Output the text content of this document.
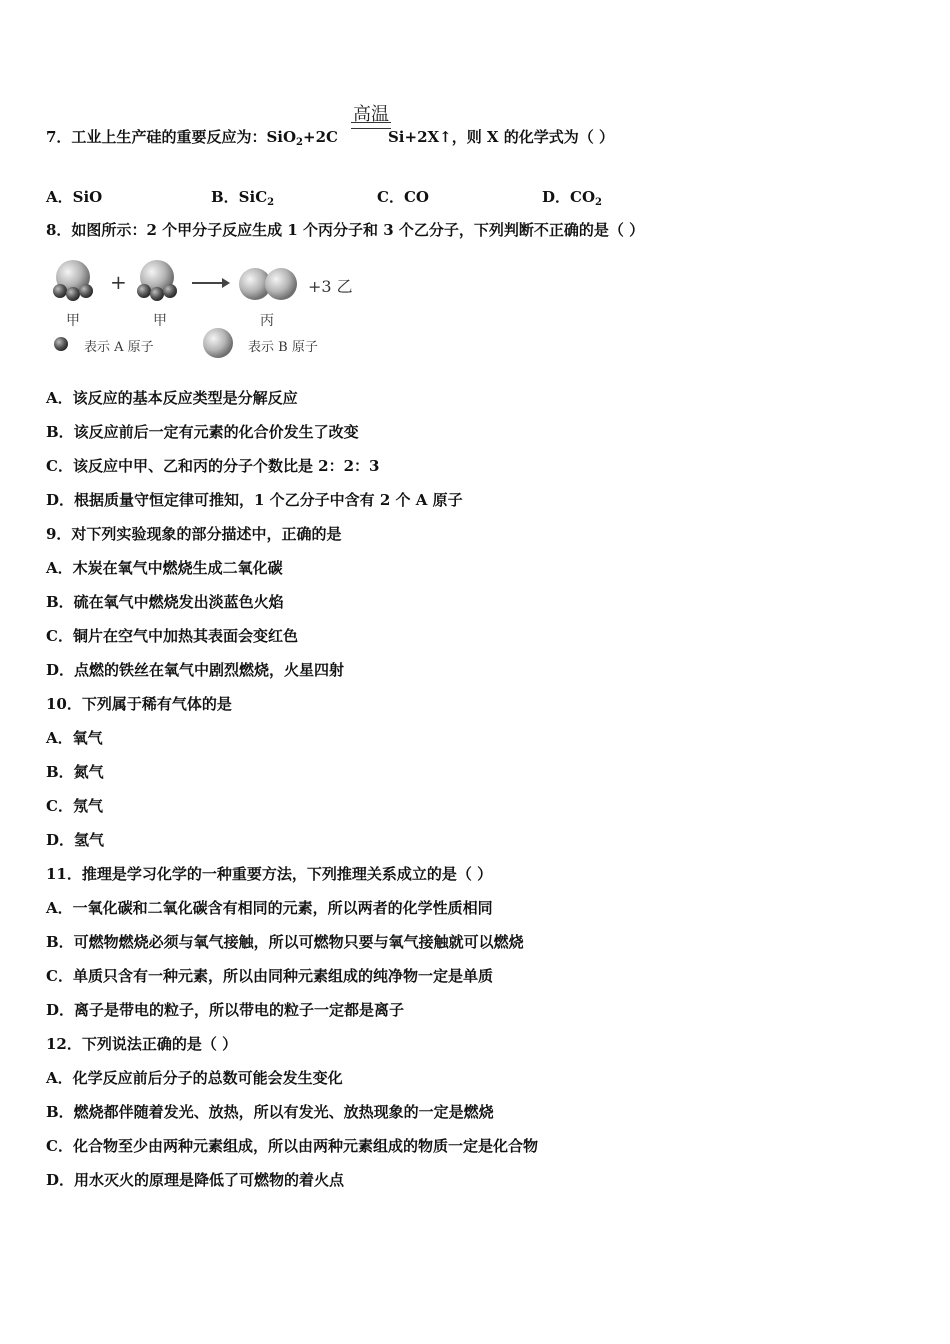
高温
7．工业上生产硅的重要反应为：SiO$_2$+2C	Si+2X↑，则 X 的化学式为（ ）
A．SiO	B．SiC$_2$	C．CO	D．$CO_2$
8．如图所示：2 个甲分子反应生成 1 个丙分子和 3 个乙分子，下列判断不正确的是（ ）
+	+3 乙
甲	甲	丙
表示 A 原子	表示 B 原子
A．该反应的基本反应类型是分解反应
B．该反应前后一定有元素的化合价发生了改变
C．该反应中甲、乙和丙的分子个数比是 2：2：3
D．根据质量守恒定律可推知，1 个乙分子中含有 2 个 A 原子
9．对下列实验现象的部分描述中，正确的是
A．木炭在氧气中燃烧生成二氧化碳
B．硫在氧气中燃烧发出淡蓝色火焰
C．铜片在空气中加热其表面会变红色
D．点燃的铁丝在氧气中剧烈燃烧，火星四射
10．下列属于稀有气体的是
A．氧气
B．氮气
C．氖气
D．氢气
11．推理是学习化学的一种重要方法，下列推理关系成立的是（ ）
A．一氧化碳和二氧化碳含有相同的元素，所以两者的化学性质相同
B．可燃物燃烧必须与氧气接触，所以可燃物只要与氧气接触就可以燃烧
C．单质只含有一种元素，所以由同种元素组成的纯净物一定是单质
D．离子是带电的粒子，所以带电的粒子一定都是离子
12．下列说法正确的是（ ）
A．化学反应前后分子的总数可能会发生变化
B．燃烧都伴随着发光、放热，所以有发光、放热现象的一定是燃烧
C．化合物至少由两种元素组成，所以由两种元素组成的物质一定是化合物
D．用水灭火的原理是降低了可燃物的着火点
